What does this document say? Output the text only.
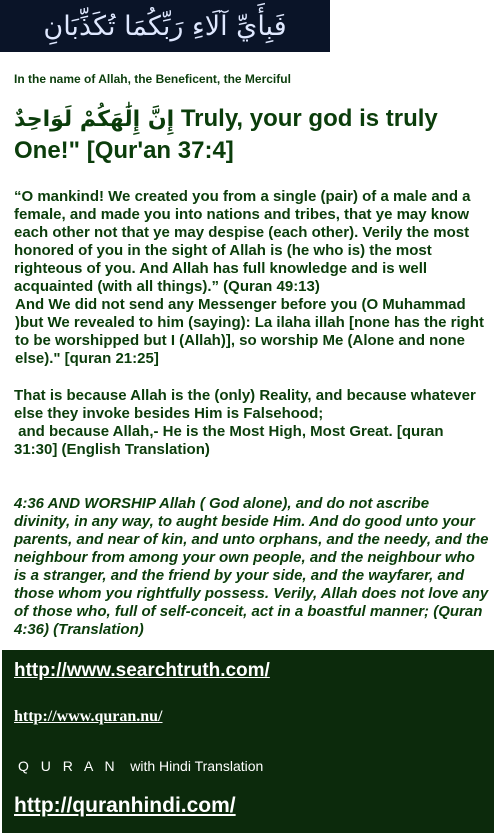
فَبِأَيِّ آلَاءِ رَبِّكُمَا تُكَذِّبَانِ
In the name of Allah, the Beneficent, the Merciful
إِنَّ إِلَٰهَكُمْ لَوَاحِدٌ Truly, your god is truly One!" [Qur'an 37:4]
“O mankind! We created you from a single (pair) of a male and a female, and made you into nations and tribes, that ye may know each other not that ye may despise (each other). Verily the most honored of you in the sight of Allah is (he who is) the most righteous of you. And Allah has full knowledge and is well acquainted (with all things).” (Quran 49:13)
And We did not send any Messenger before you (O Muhammad )but We revealed to him (saying): La ilaha illah [none has the right to be worshipped but I (Allah)], so worship Me (Alone and none else)." [quran 21:25]
That is because Allah is the (only) Reality, and because whatever else they invoke besides Him is Falsehood;
and because Allah,- He is the Most High, Most Great. [quran 31:30] (English Translation)
4:36 AND WORSHIP Allah ( God alone), and do not ascribe divinity, in any way, to aught beside Him. And do good unto your parents, and near of kin, and unto orphans, and the needy, and the neighbour from among your own people, and the neighbour who is a stranger, and the friend by your side, and the wayfarer, and those whom you rightfully possess. Verily, Allah does not love any of those who, full of self-conceit, act in a boastful manner; (Quran 4:36) (Translation)
http://www.searchtruth.com/
http://www.quran.nu/
Q U R A N with Hindi Translation
http://quranhindi.com/
